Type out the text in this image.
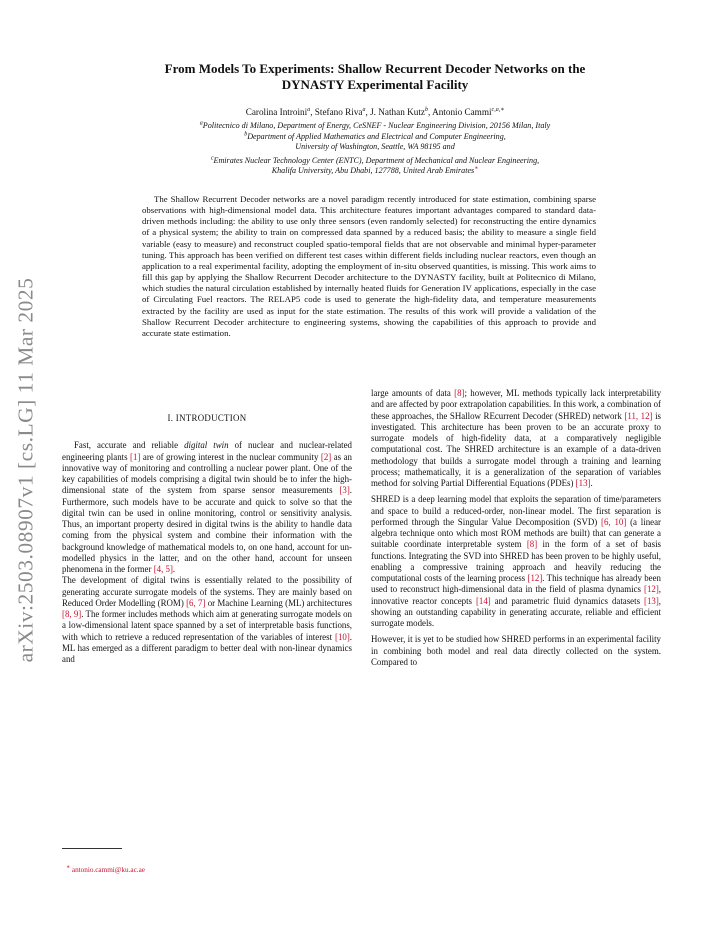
arXiv:2503.08907v1 [cs.LG] 11 Mar 2025
From Models To Experiments: Shallow Recurrent Decoder Networks on the
DYNASTY Experimental Facility
Carolina Introini$^a$, Stefano Riva$^a$, J. Nathan Kutz$^b$, Antonio Cammi$^{c,a,∗}$
$^a$Politecnico di Milano, Department of Energy, CeSNEF - Nuclear Engineering Division, 20156 Milan, Italy
$^b$Department of Applied Mathematics and Electrical and Computer Engineering,
University of Washington, Seattle, WA 98195 and
$^c$Emirates Nuclear Technology Center (ENTC), Department of Mechanical and Nuclear Engineering,
Khalifa University, Abu Dhabi, 127788, United Arab Emirates∗

The Shallow Recurrent Decoder networks are a novel paradigm recently introduced for state estimation, combining sparse observations with high-dimensional model data. This architecture features important advantages compared to standard data-driven methods including: the ability to use only three sensors (even randomly selected) for reconstructing the entire dynamics of a physical system; the ability to train on compressed data spanned by a reduced basis; the ability to measure a single field variable (easy to measure) and reconstruct coupled spatio-temporal fields that are not observable and minimal hyper-parameter tuning. This approach has been verified on different test cases within different fields including nuclear reactors, even though an application to a real experimental facility, adopting the employment of in-situ observed quantities, is missing. This work aims to fill this gap by applying the Shallow Recurrent Decoder architecture to the DYNASTY facility, built at Politecnico di Milano, which studies the natural circulation established by internally heated fluids for Generation IV applications, especially in the case of Circulating Fuel reactors. The RELAP5 code is used to generate the high-fidelity data, and temperature measurements extracted by the facility are used as input for the state estimation. The results of this work will provide a validation of the Shallow Recurrent Decoder architecture to engineering systems, showing the capabilities of this approach to provide and accurate state estimation.

I. INTRODUCTION

Fast, accurate and reliable digital twin of nuclear and nuclear-related engineering plants [1] are of growing interest in the nuclear community [2] as an innovative way of monitoring and controlling a nuclear power plant. One of the key capabilities of models comprising a digital twin should be to infer the high-dimensional state of the system from sparse sensor measurements [3]. Furthermore, such models have to be accurate and quick to solve so that the digital twin can be used in online monitoring, control or sensitivity analysis. Thus, an important property desired in digital twins is the ability to handle data coming from the physical system and combine their information with the background knowledge of mathematical models to, on one hand, account for un-modelled physics in the latter, and on the other hand, account for unseen phenomena in the former [4, 5].

The development of digital twins is essentially related to the possibility of generating accurate surrogate models of the systems. They are mainly based on Reduced Order Modelling (ROM) [6, 7] or Machine Learning (ML) architectures [8, 9]. The former includes methods which aim at generating surrogate models on a low-dimensional latent space spanned by a set of interpretable basis functions, with which to retrieve a reduced representation of the variables of interest [10]. ML has emerged as a different paradigm to better deal with non-linear dynamics and

large amounts of data [8]; however, ML methods typically lack interpretability and are affected by poor extrapolation capabilities. In this work, a combination of these approaches, the SHallow REcurrent Decoder (SHRED) network [11, 12] is investigated. This architecture has been proven to be an accurate proxy to surrogate models of high-fidelity data, at a comparatively negligible computational cost. The SHRED architecture is an example of a data-driven methodology that builds a surrogate model through a training and learning process; mathematically, it is a generalization of the separation of variables method for solving Partial Differential Equations (PDEs) [13].

SHRED is a deep learning model that exploits the separation of time/parameters and space to build a reduced-order, non-linear model. The first separation is performed through the Singular Value Decomposition (SVD) [6, 10] (a linear algebra technique onto which most ROM methods are built) that can generate a suitable coordinate interpretable system [8] in the form of a set of basis functions. Integrating the SVD into SHRED has been proven to be highly useful, enabling a compressive training approach and heavily reducing the computational costs of the learning process [12]. This technique has already been used to reconstruct high-dimensional data in the field of plasma dynamics [12], innovative reactor concepts [14] and parametric fluid dynamics datasets [13], showing an outstanding capability in generating accurate, reliable and efficient surrogate models.

However, it is yet to be studied how SHRED performs in an experimental facility in combining both model and real data directly collected on the system. Compared to

∗ antonio.cammi@ku.ac.ae
